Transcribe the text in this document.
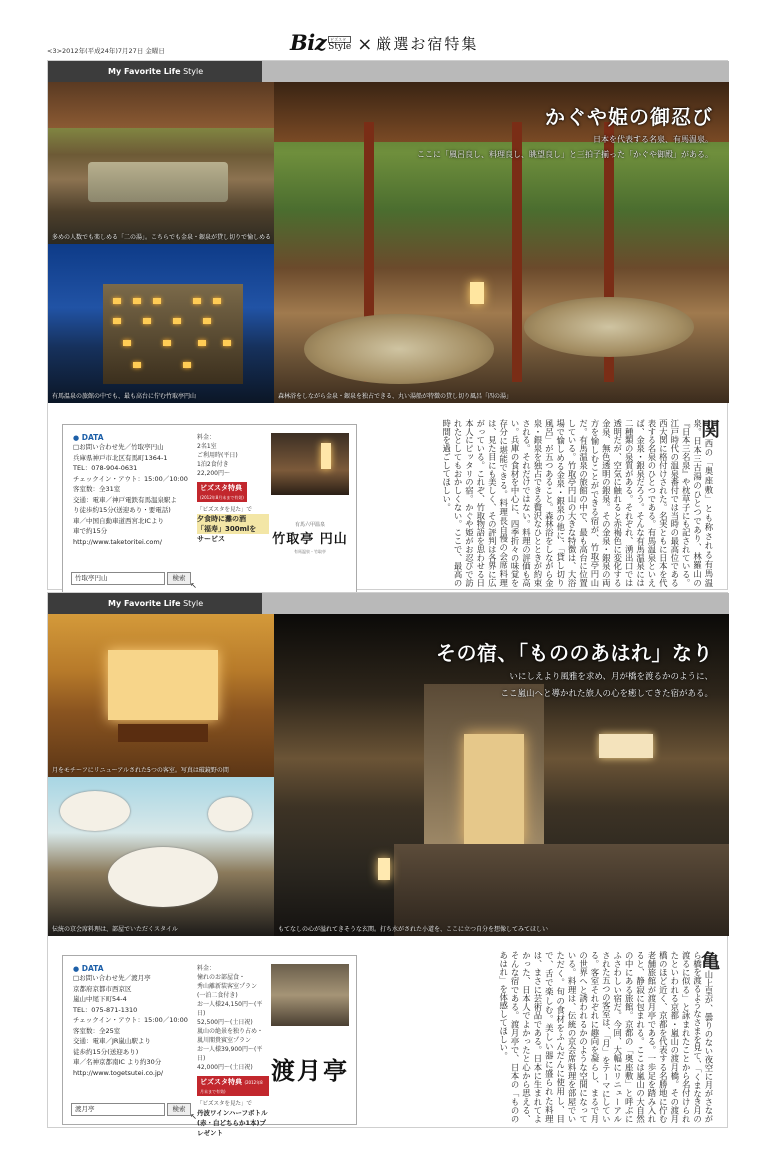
<3>2012年(平成24年)7月27日 金曜日	Biz	ビズスタ
Style × 厳選お宿特集
My Favorite Life Style
多めの人数でも楽しめる「二の湯」。こちらでも金泉・銀泉が貸し切りで愉しめる
有馬温泉の旅館の中でも、最も高台に佇む竹取亭円山	森林浴をしながら金泉・銀泉を独占できる、丸い湯船が特徴の貸し切り風呂「四の湯」
かぐや姫の御忍び
日本を代表する名泉、有馬温泉。
ここに「風呂良し、料理良し、眺望良し」と三拍子揃った「かぐや御殿」がある。
● DATA
□お問い合わせ先／竹取亭円山
兵庫県神戸市北区有馬町1364-1
TEL：078-904-0631
チェックイン・アウト：15:00／10:00
客室数：全31室
交通：電車／神戸電鉄有馬温泉駅よ
り徒歩約15分(送迎あり・要電話)
車／中国自動車道西宮北ICより
車で約15分
http://www.taketoritei.com/
竹取亭円山	検索
↖
料金：
2名1室
ご利用時(平日)
1泊2食付き
22,200円～
ビズスタ特典
(2012年8月末まで有効)
「ビズスタを見た」で
夕食時に灘の酒
「福寿」300mlを
サービス
有馬六甲温泉
竹取亭 円山
有馬温泉・竹取亭
関西の「奥座敷」とも称される有馬温泉。日本三古湯のひとつであり、林羅山の『日本三名泉』や枕草子にも記されている。江戸時代の温泉番付では当時の最高位である西大関に格付けされた。名実ともに日本を代表する名泉のひとつである。有馬温泉といえば、金泉・銀泉だろう。そんな有馬温泉には二種類の泉質がある。それぞれ、湧出口では透明だが、空気に触れると赤褐色に変化する金泉、無色透明の銀泉。その金泉・銀泉の両方を愉しむことができる宿が、竹取亭円山だ。有馬温泉の旅館の中で、最も高台に位置している。竹取亭円山の大きな特徴は、大浴場で愉しめる金泉・銀泉の他に、「貸し切り風呂」が五つあること。森林浴をしながら金泉・銀泉を独占できる贅沢なひとときが約束される。それだけではない。料理の評価も高い。兵庫の食材を中心に、四季折々の味覚を存分に堪能できる。料理長自慢の会席料理は、見た目にも美しく、その評判は各界に広がっている。これぞ、竹取物語を思わせる日本人にピッタリの宿。かぐや姫がお忍びで訪れたとしてもおかしくない。ここで、最高の時間を過ごしてほしい。
My Favorite Life Style
月をモチーフにリニューアルされた5つの客室。写真は破鏡野の間
伝統の京会席料理は、部屋でいただくスタイル	もてなしの心が溢れてきそうな玄関。打ち水がされた小道を、ここに立つ自分を想像してみてほしい
その宿、「もののあはれ」なり
いにしえより風雅を求め、月が橋を渡るかのように、
ここ嵐山へと導かれた旅人の心を癒してきた宿がある。
● DATA
□お問い合わせ先／渡月亭
京都府京都市西京区
嵐山中尾下町54-4
TEL：075-871-1310
チェックイン・アウト：15:00／10:00
客室数：全25室
交通：電車／JR嵐山駅より
徒歩約15分(送迎あり)
車／名神京都南IC より約30分
http://www.togetsutei.co.jp/
渡月亭	検索
↖
料金：
憧れのお部屋食・
秀山離新装客室プラン
(一泊二食付き)
お一人様24,150円～(平日)
52,500円～(土日祝)
嵐山の絶景を独り占め・
嵐川閣貴賓室プラン
お一人様39,900円～(平日)
42,000円～(土日祝)
ビズスタ特典 (2012年8月末まで有効)
「ビズスタを見た」で
丹波ワインハーフボトル
(赤・白どちらか1本)プレゼント
渡月亭
亀山上皇が、曇りのない夜空に月がさながら橋を渡るようなさまを見て、「くまなき月の渡るに似る」と詠まれたことから名付けられたといわれる京都・嵐山の渡月橋。その渡月橋のほど近く、京都を代表する名勝地に佇む老舗旅館が渡月亭である。一歩足を踏み入れると、静寂に包まれる。ここは嵐山の大自然の中にある旅館。京都の「奥座敷」と呼ぶにふさわしい宿だ。今回、大幅にリニューアルされた五つの客室は、「月」をテーマにしている。客室それぞれに趣向を凝らし、まるで月の世界へと誘われるかのような空間になっている。料理は、伝統の京会席料理を部屋でいただく。旬の食材をふんだんに使用し、目で、舌で楽しむ。美しい器に盛られた料理は、まさに芸術品である。日本に生まれてよかった、日本人でよかったと心から思える、そんな宿である。渡月亭で、日本の「もののあはれ」を体感してほしい。
